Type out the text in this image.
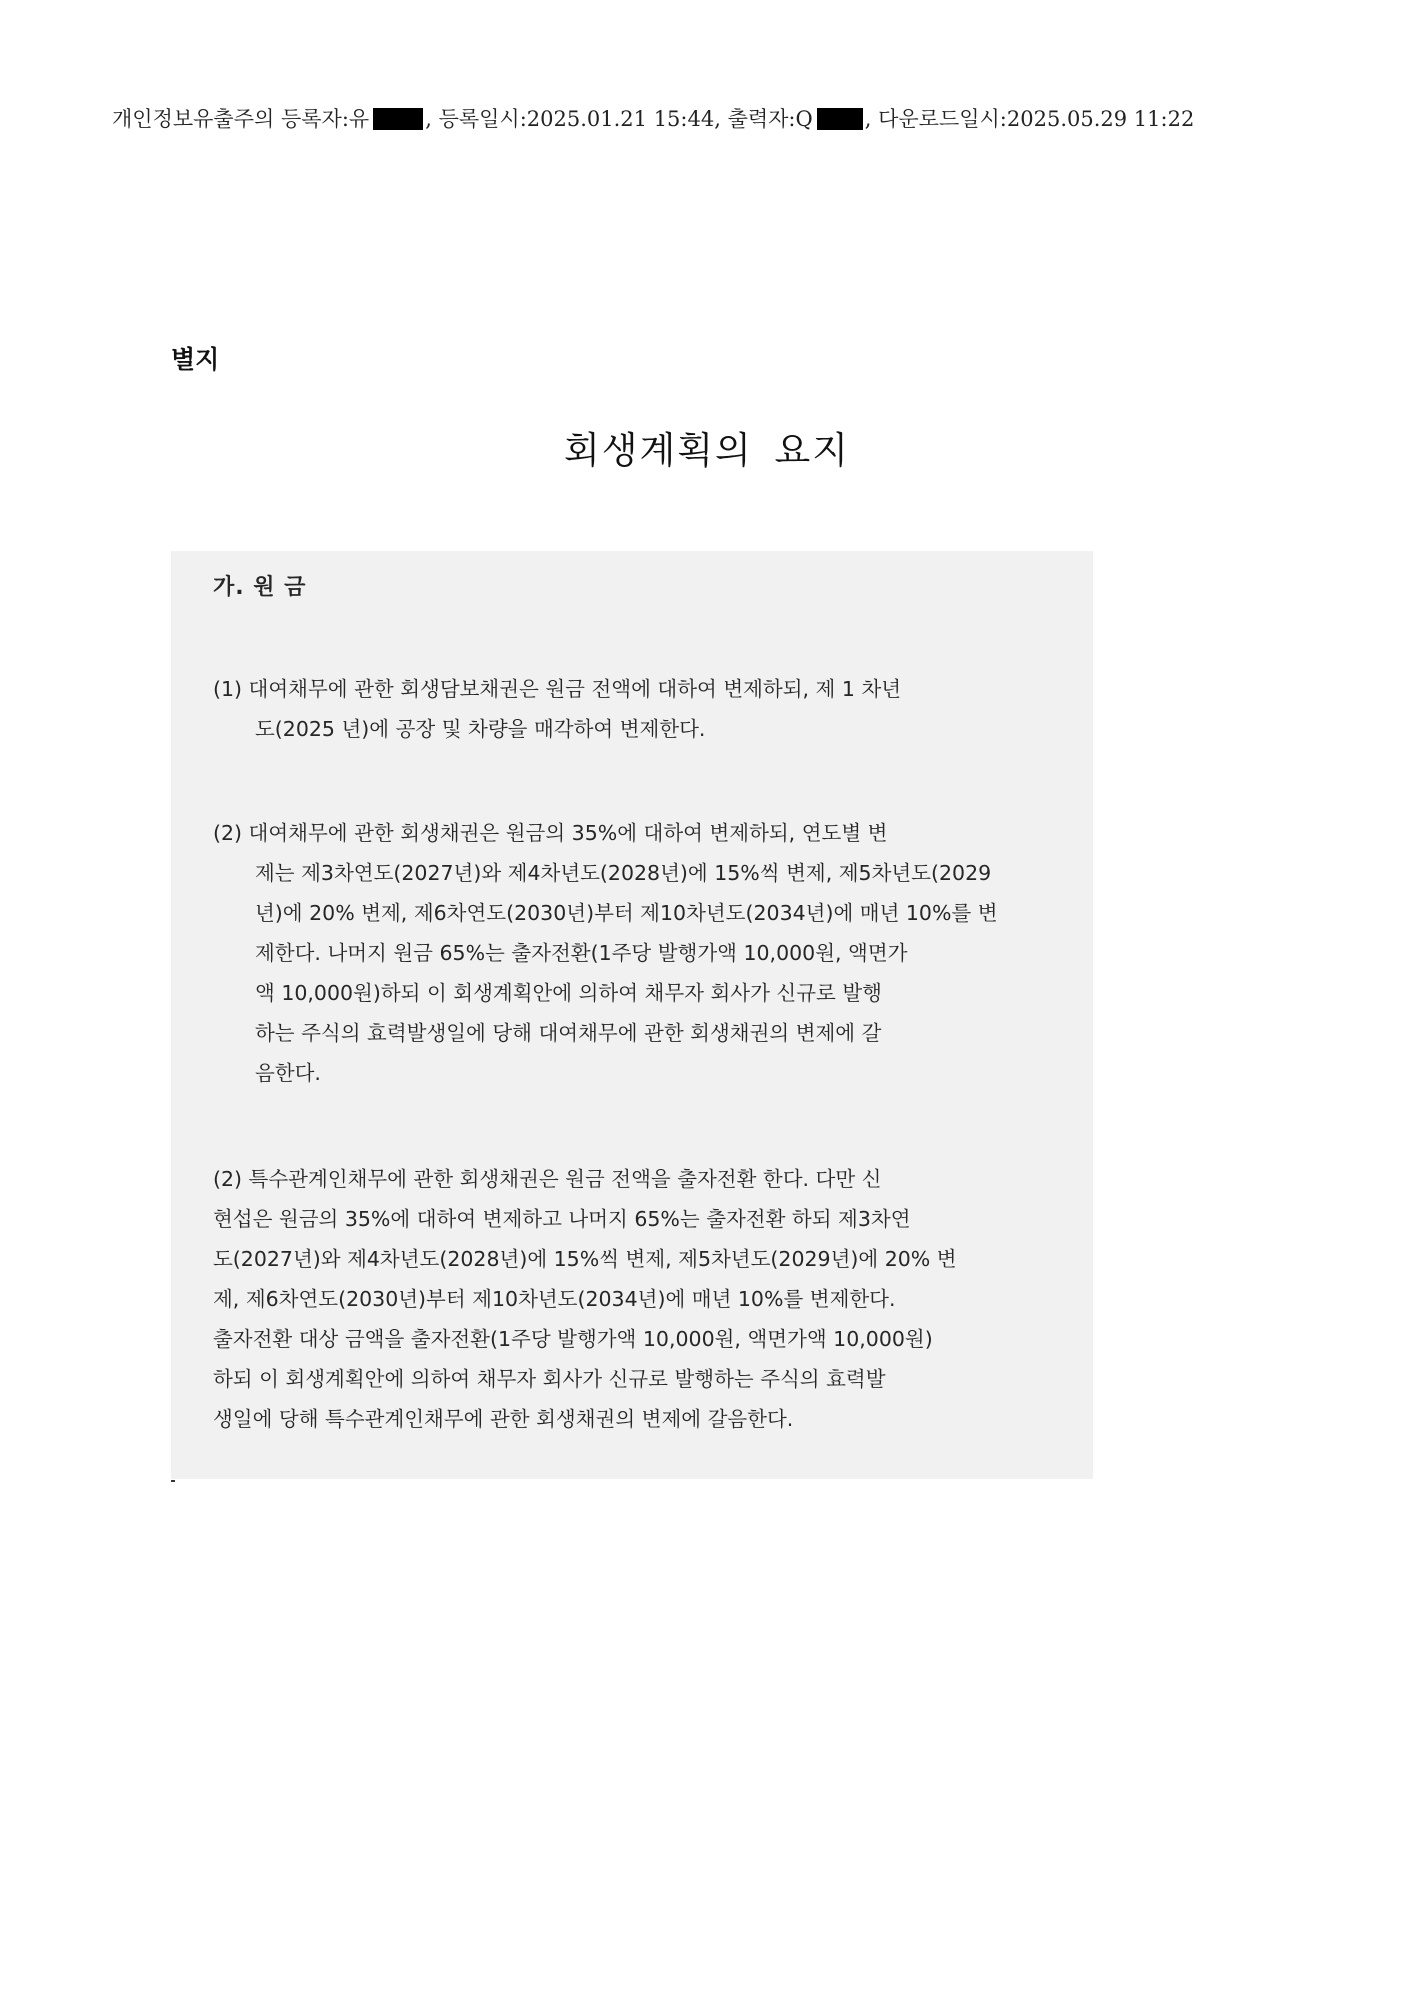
개인정보유출주의 등록자:유	, 등록일시:2025.01.21 15:44, 출력자:Q , 다운로드일시:2025.05.29 11:22
별지
회생계획의 요지
가. 원 금
(1) 대여채무에 관한 회생담보채권은 원금 전액에 대하여 변제하되, 제 1 차년
도(2025 년)에 공장 및 차량을 매각하여 변제한다.
(2) 대여채무에 관한 회생채권은 원금의 35%에 대하여 변제하되, 연도별 변
제는 제3차연도(2027년)와 제4차년도(2028년)에 15%씩 변제, 제5차년도(2029
년)에 20% 변제, 제6차연도(2030년)부터 제10차년도(2034년)에 매년 10%를 변
제한다. 나머지 원금 65%는 출자전환(1주당 발행가액 10,000원, 액면가
액 10,000원)하되 이 회생계획안에 의하여 채무자 회사가 신규로 발행
하는 주식의 효력발생일에 당해 대여채무에 관한 회생채권의 변제에 갈
음한다.
(2) 특수관계인채무에 관한 회생채권은 원금 전액을 출자전환 한다. 다만 신
현섭은 원금의 35%에 대하여 변제하고 나머지 65%는 출자전환 하되 제3차연
도(2027년)와 제4차년도(2028년)에 15%씩 변제, 제5차년도(2029년)에 20% 변
제, 제6차연도(2030년)부터 제10차년도(2034년)에 매년 10%를 변제한다.
출자전환 대상 금액을 출자전환(1주당 발행가액 10,000원, 액면가액 10,000원)
하되 이 회생계획안에 의하여 채무자 회사가 신규로 발행하는 주식의 효력발
생일에 당해 특수관계인채무에 관한 회생채권의 변제에 갈음한다.
